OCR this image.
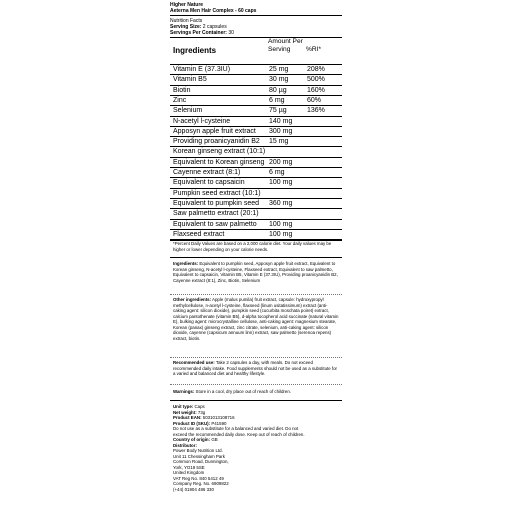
Higher Nature
Aeterna Men Hair Complex - 60 caps
Nutrition Facts
Serving Size: 2 capsules
Servings Per Container: 30
Ingredients
Amount Per Serving	%RI*
Vitamin E (37.3IU)	25 mg	208%
Vitamin B5	30 mg	500%
Biotin	80 µg	160%
Zinc	6 mg	60%
Selenium	75 µg	136%
N-acetyl l-cysteine	140 mg
Apposyn apple fruit extract 300 mg
Providing proanicyanidin B2 15 mg
Korean ginseng extract (10:1)
Equivalent to Korean ginseng 200 mg
Cayenne extract (8:1)	6 mg
Equivalent to capsaicin	100 mg
Pumpkin seed extract (10:1)
Equivalent to pumpkin seed 360 mg
Saw palmetto extract (20:1)
Equivalent to saw palmetto 100 mg
Flaxseed extract	100 mg
*Percent Daily Values are based on a 2,000 calorie diet. Your daily values may be higher or lower depending on your calorie needs.
Ingredients: Equivalent to pumpkin seed, Apposyn apple fruit extract, Equivalent to Korean ginseng, N-acetyl l-cysteine, Flaxseed extract, Equivalent to saw palmetto, Equivalent to capsaicin, Vitamin B5, Vitamin E (37.3IU), Providing proanicyanidin B2, Cayenne extract (8:1), Zinc, Biotin, Selenium
Other ingredients: Apple (malus pumila) fruit extract, capsule: hydroxypropyl methylcellulose, n-acetyl l-cysteine, flaxseed (linum usitatissimum) extract (anti-caking agent: silicon dioxide), pumpkin seed (cucurbita moschata poiret) extract, calcium pantothenate (vitamin B5), d-alpha tocopherol acid succinate (natural vitamin E), bulking agent: microcrystalline cellulose, anti-caking agent: magnesium stearate, Korean (panax) ginseng extract, zinc citrate, selenium, anti-caking agent: silicon dioxide, cayenne (capsicum annuum linn) extract, saw palmetto (serenoa repens) extract, biotin.
Recommended use: Take 2 capsules a day, with meals. Do not exceed recommended daily intake. Food supplements should not be used as a substitute for a varied and balanced diet and healthy lifestyle.
Warnings: Store in a cool, dry place out of reach of children.
Unit type: Caps
Net weight: 73g
Product EAN: 5031013108716
Product ID (SKU): P41590
Do not use as a substitute for a balanced and varied diet. Do not
exceed the recommended daily dose. Keep out of reach of children.
Country of origin: GB
Distributor:
Power Body Nutrition Ltd.
Unit 11 Chessingham Park
Common Road, Dunnington,
York, YO19 5SE
United Kingdom
VAT Reg No. 840 5412 49
Company Reg. No. 6909822
(+44) 01904 486 330
